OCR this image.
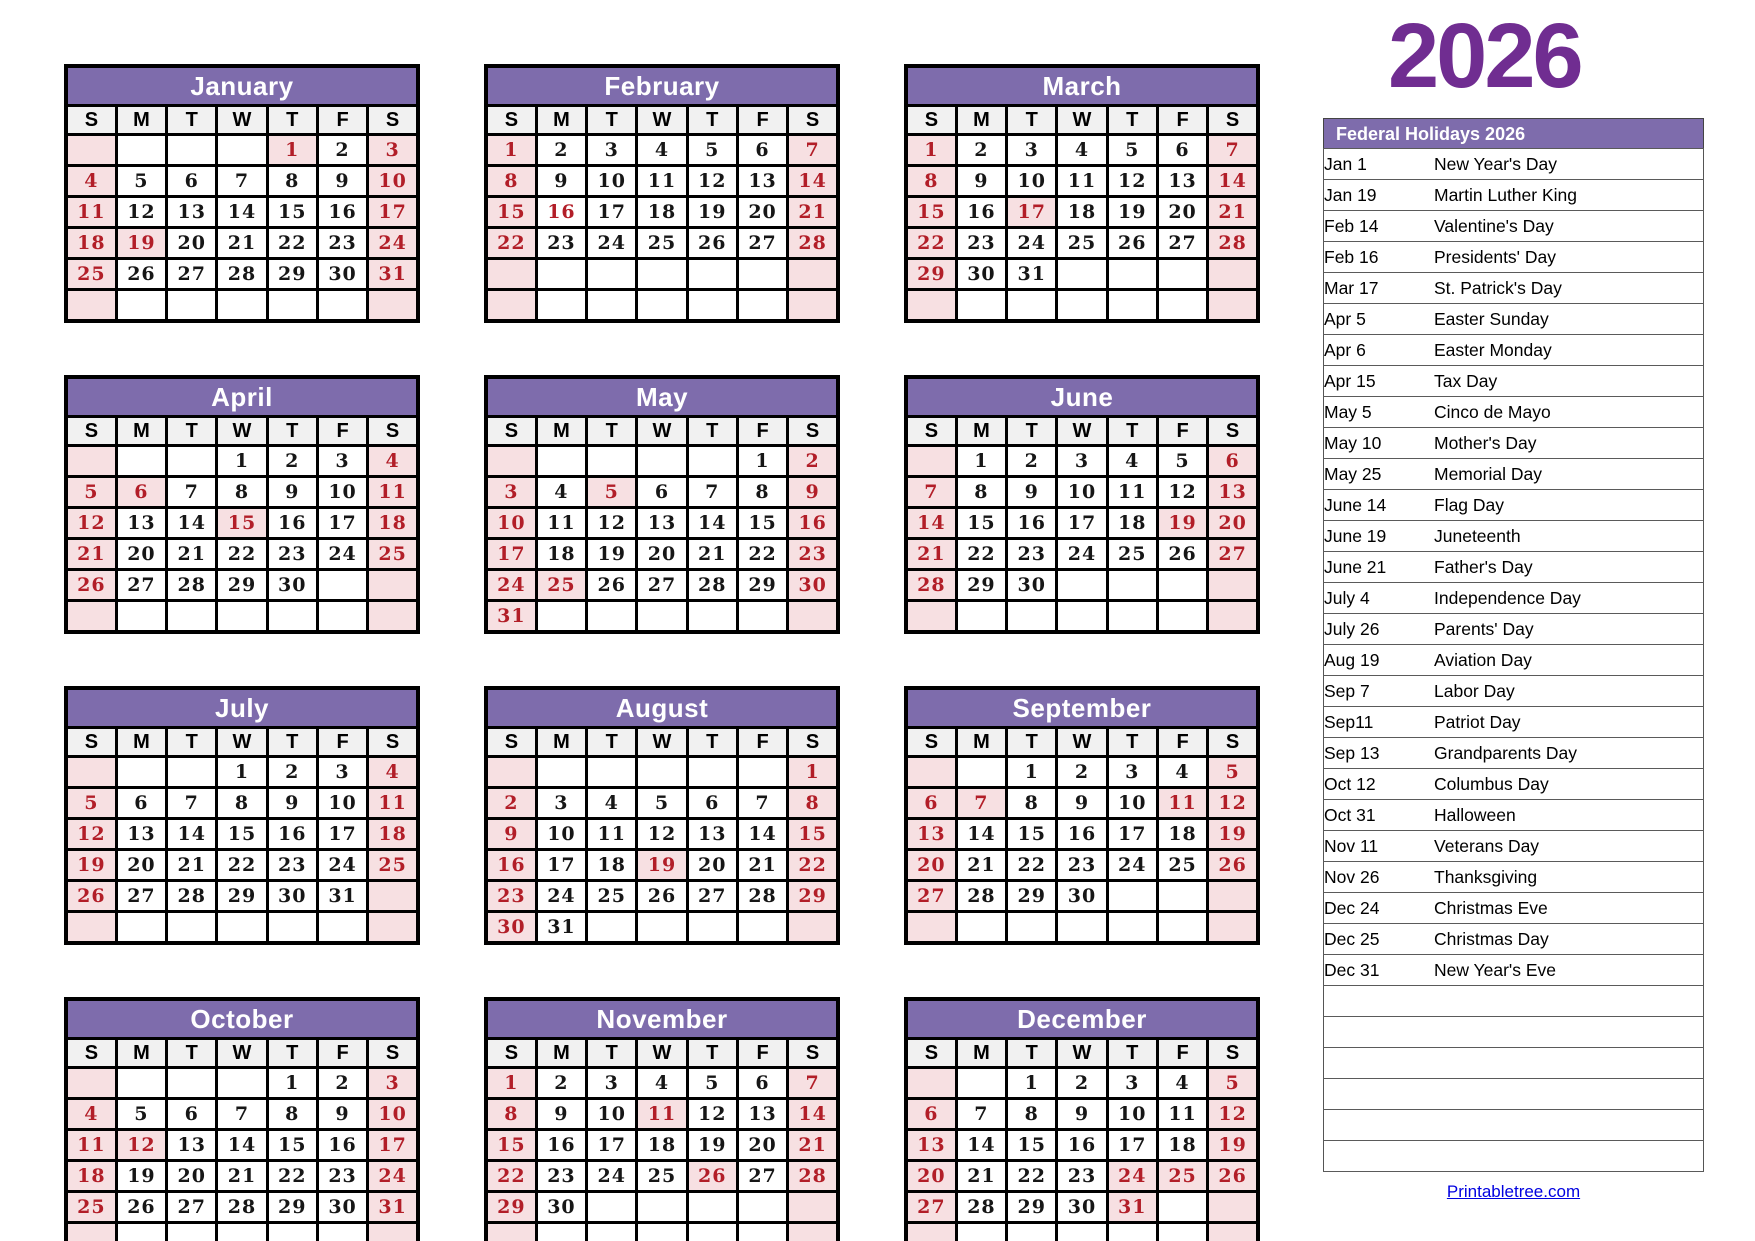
2026
January						
S	M	T	W	T	F	S
				1	2	3
4	5	6	7	8	9	10
11	12	13	14	15	16	17
18	19	20	21	22	23	24
25	26	27	28	29	30	31

February						
S	M	T	W	T	F	S
1	2	3	4	5	6	7
8	9	10	11	12	13	14
15	16	17	18	19	20	21
22	23	24	25	26	27	28

March						
S	M	T	W	T	F	S
1	2	3	4	5	6	7
8	9	10	11	12	13	14
15	16	17	18	19	20	21
22	23	24	25	26	27	28
29	30	31				

April						
S	M	T	W	T	F	S
			1	2	3	4
5	6	7	8	9	10	11
12	13	14	15	16	17	18
21	20	21	22	23	24	25
26	27	28	29	30		

May						
S	M	T	W	T	F	S
					1	2
3	4	5	6	7	8	9
10	11	12	13	14	15	16
17	18	19	20	21	22	23
24	25	26	27	28	29	30
31						
June						
S	M	T	W	T	F	S
	1	2	3	4	5	6
7	8	9	10	11	12	13
14	15	16	17	18	19	20
21	22	23	24	25	26	27
28	29	30				

July						
S	M	T	W	T	F	S
			1	2	3	4
5	6	7	8	9	10	11
12	13	14	15	16	17	18
19	20	21	22	23	24	25
26	27	28	29	30	31	

August						
S	M	T	W	T	F	S
						1
2	3	4	5	6	7	8
9	10	11	12	13	14	15
16	17	18	19	20	21	22
23	24	25	26	27	28	29
30	31					
September						
S	M	T	W	T	F	S
		1	2	3	4	5
6	7	8	9	10	11	12
13	14	15	16	17	18	19
20	21	22	23	24	25	26
27	28	29	30			

October						
S	M	T	W	T	F	S
				1	2	3
4	5	6	7	8	9	10
11	12	13	14	15	16	17
18	19	20	21	22	23	24
25	26	27	28	29	30	31

November						
S	M	T	W	T	F	S
1	2	3	4	5	6	7
8	9	10	11	12	13	14
15	16	17	18	19	20	21
22	23	24	25	26	27	28
29	30					

December						
S	M	T	W	T	F	S
		1	2	3	4	5
6	7	8	9	10	11	12
13	14	15	16	17	18	19
20	21	22	23	24	25	26
27	28	29	30	31		

Federal Holidays 2026
Jan 1	New Year's Day
Jan 19	Martin Luther King
Feb 14	Valentine's Day
Feb 16	Presidents' Day
Mar 17	St. Patrick's Day
Apr 5	Easter Sunday
Apr 6	Easter Monday
Apr 15	Tax Day
May 5	Cinco de Mayo
May 10	Mother's Day
May 25	Memorial Day
June 14	Flag Day
June 19	Juneteenth
June 21	Father's Day
July 4	Independence Day
July 26	Parents' Day
Aug 19	Aviation Day
Sep 7	Labor Day
Sep11	Patriot Day
Sep 13	Grandparents Day
Oct 12	Columbus Day
Oct 31	Halloween
Nov 11	Veterans Day
Nov 26	Thanksgiving
Dec 24	Christmas Eve
Dec 25	Christmas Day
Dec 31	New Year's Eve

Printabletree.com
